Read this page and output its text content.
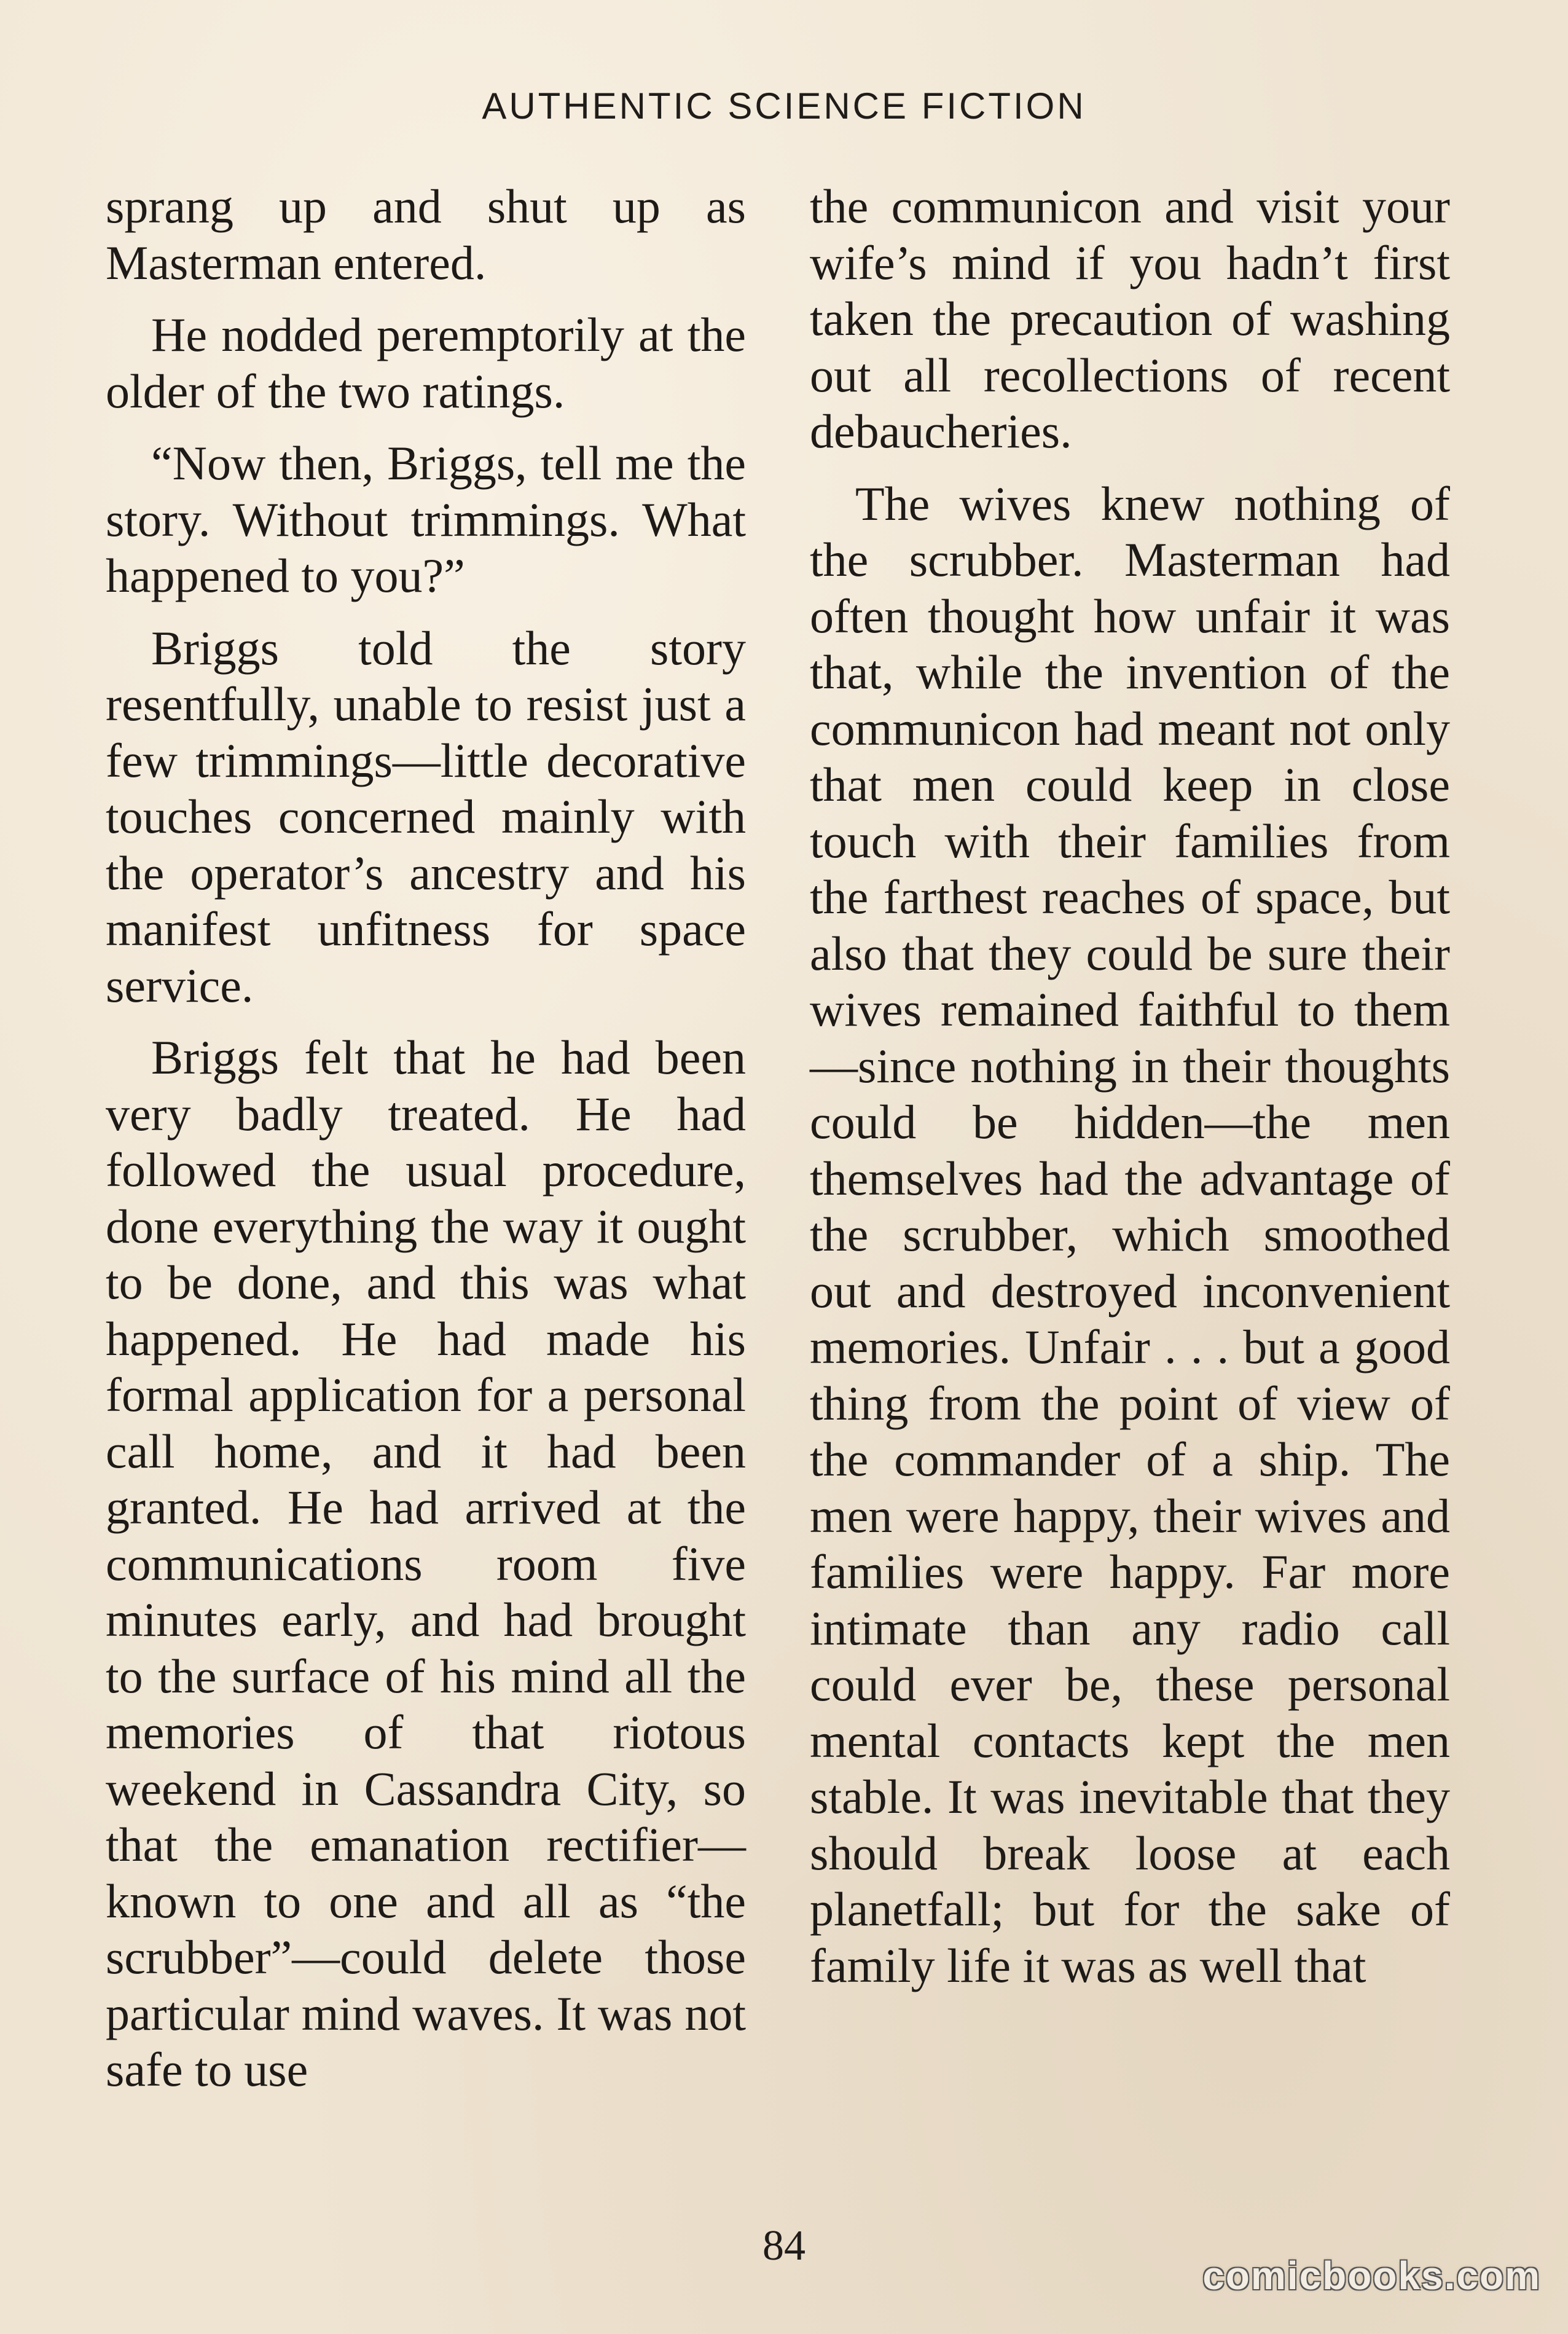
AUTHENTIC SCIENCE FICTION

sprang up and shut up as Masterman entered.

He nodded peremptorily at the older of the two ratings.

“Now then, Briggs, tell me the story. Without trimmings. What happened to you?”

Briggs told the story resentfully, unable to resist just a few trimmings—little decorative touches concerned mainly with the operator’s ancestry and his manifest unfitness for space service.

Briggs felt that he had been very badly treated. He had followed the usual procedure, done everything the way it ought to be done, and this was what happened. He had made his formal application for a personal call home, and it had been granted. He had arrived at the communications room five minutes early, and had brought to the surface of his mind all the memories of that riotous weekend in Cassandra City, so that the emanation rectifier—known to one and all as “the scrubber”—could delete those particular mind waves. It was not safe to use

the communicon and visit your wife’s mind if you hadn’t first taken the precaution of washing out all recollections of recent debaucheries.

The wives knew nothing of the scrubber. Masterman had often thought how unfair it was that, while the invention of the communicon had meant not only that men could keep in close touch with their families from the farthest reaches of space, but also that they could be sure their wives remained faithful to them—since nothing in their thoughts could be hidden—the men themselves had the advantage of the scrubber, which smoothed out and destroyed inconvenient memories. Unfair . . . but a good thing from the point of view of the commander of a ship. The men were happy, their wives and families were happy. Far more intimate than any radio call could ever be, these personal mental contacts kept the men stable. It was inevitable that they should break loose at each planetfall; but for the sake of family life it was as well that

84
comicbooks.com
